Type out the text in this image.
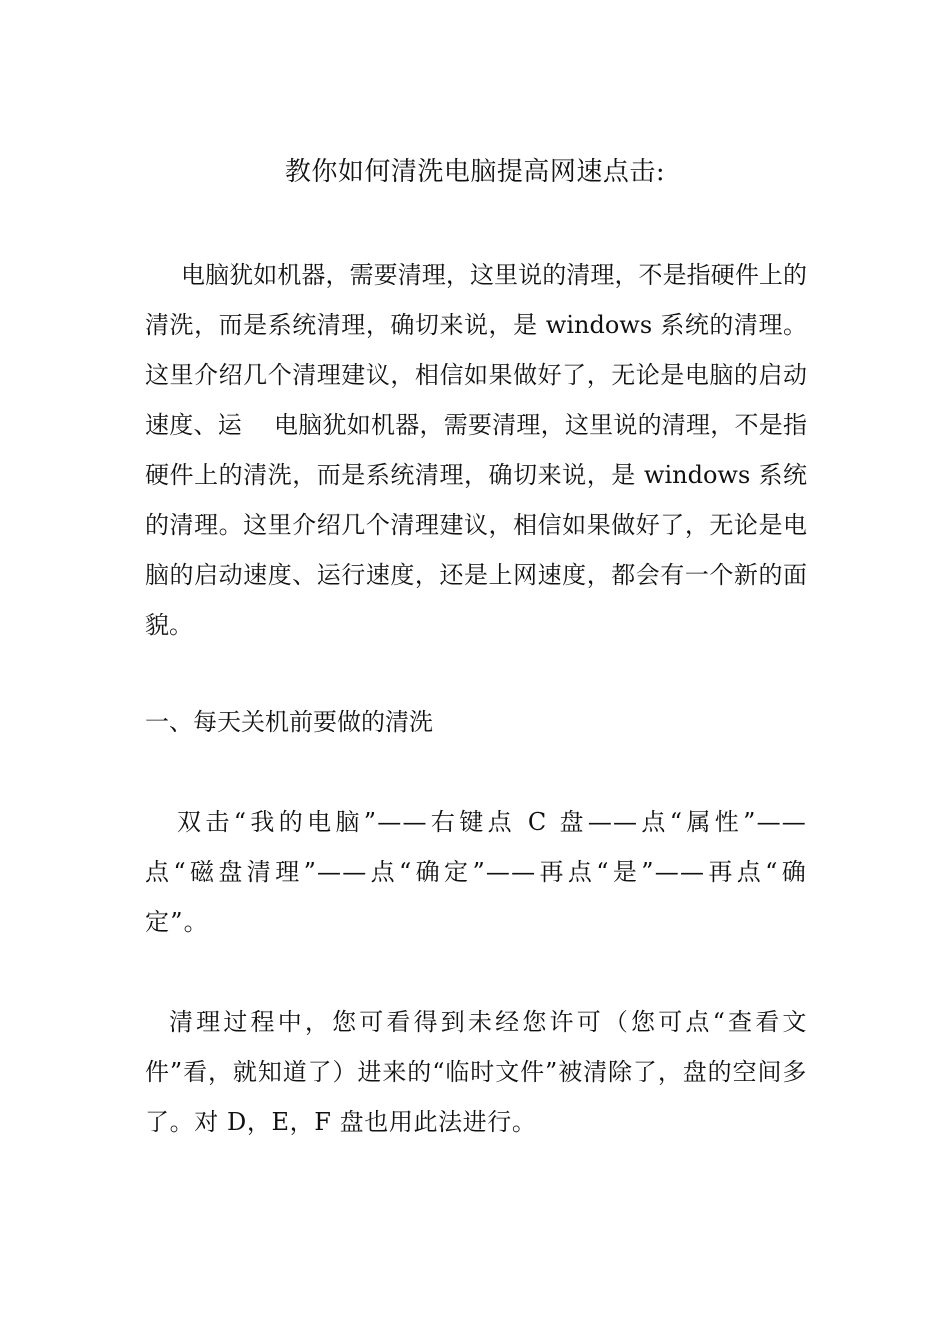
教你如何清洗电脑提高网速点击:

电脑犹如机器，需要清理，这里说的清理，不是指硬件上的清洗，而是系统清理，确切来说，是 windows 系统的清理。这里介绍几个清理建议，相信如果做好了，无论是电脑的启动速度、运　 电脑犹如机器，需要清理，这里说的清理，不是指硬件上的清洗，而是系统清理，确切来说，是 windows 系统的清理。这里介绍几个清理建议，相信如果做好了，无论是电脑的启动速度、运行速度，还是上网速度，都会有一个新的面貌。

一、每天关机前要做的清洗

双击“我的电脑”——右键点 C 盘——点“属性”——点“磁盘清理”——点“确定”——再点“是”——再点“确定”。

清理过程中，您可看得到未经您许可（您可点“查看文件”看，就知道了）进来的“临时文件”被清除了，盘的空间多了。对 D，E，F 盘也用此法进行。
